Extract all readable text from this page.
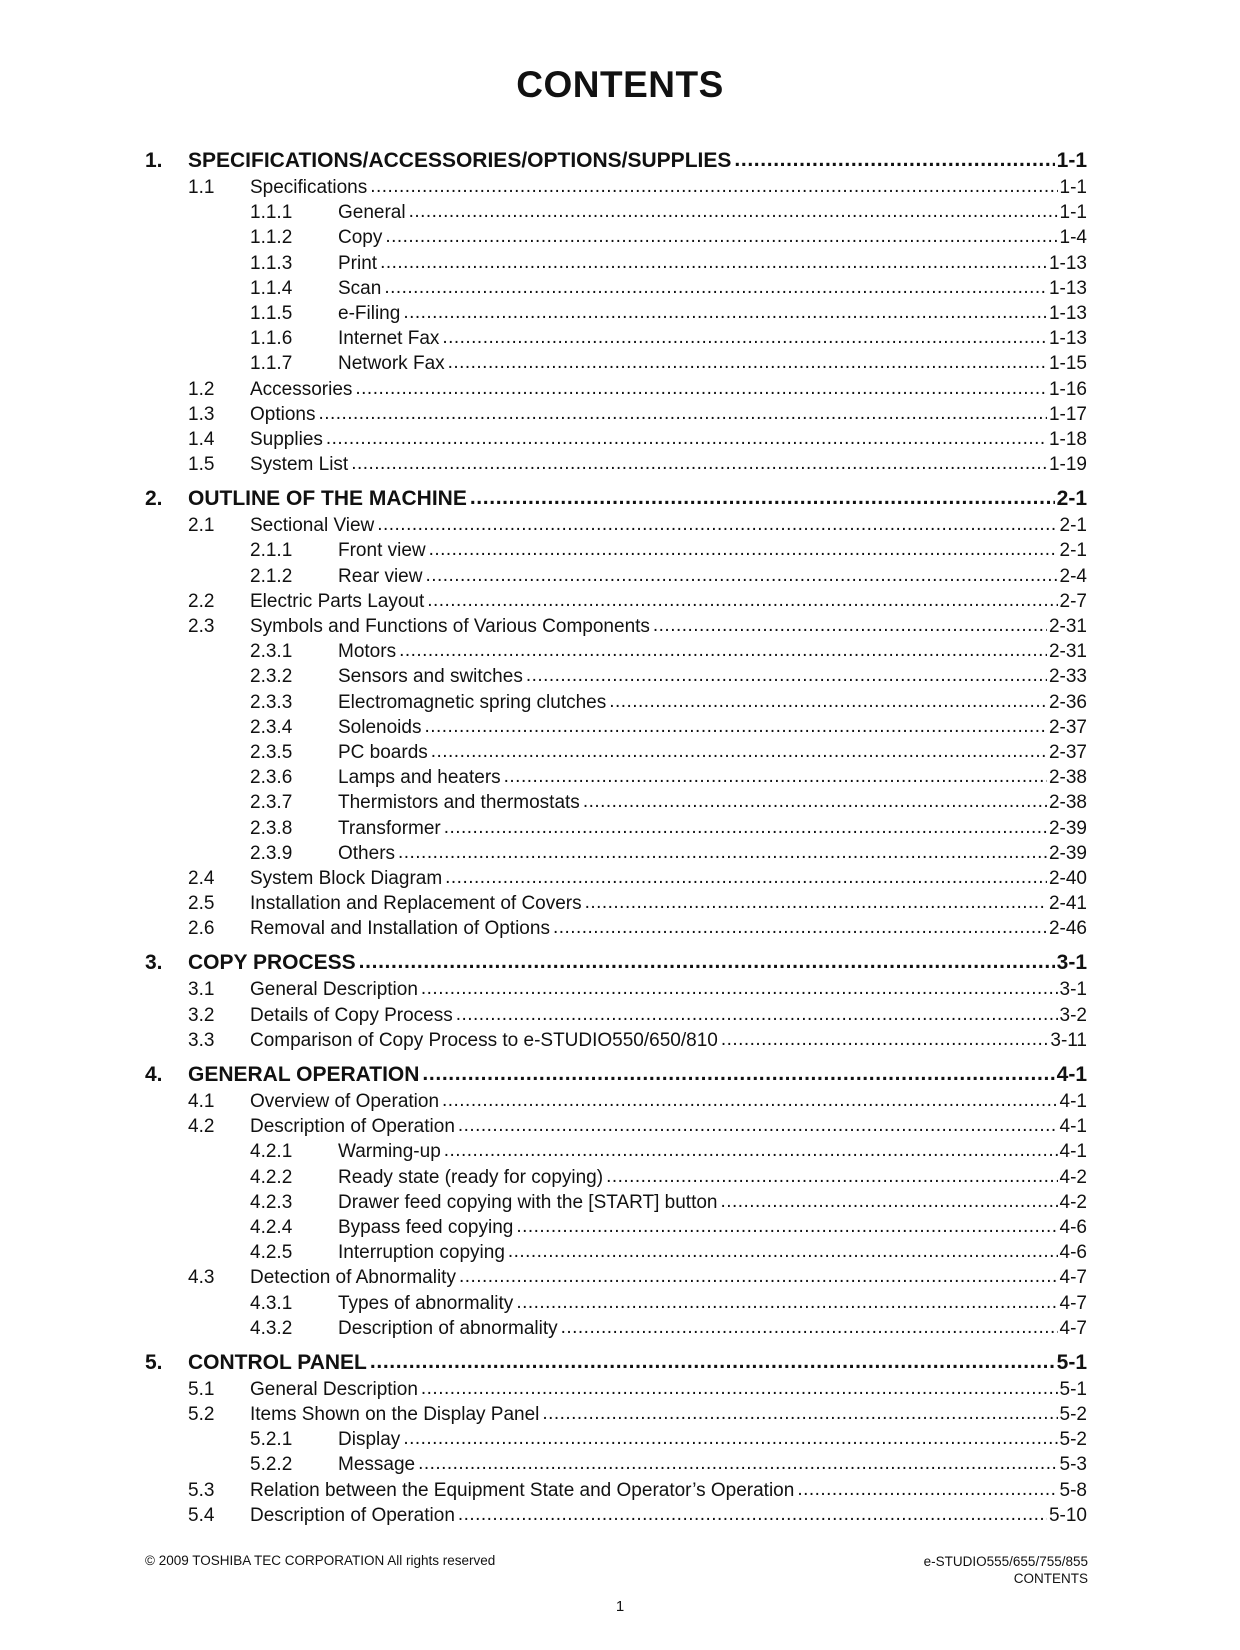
CONTENTS
1.	SPECIFICATIONS/ACCESSORIES/OPTIONS/SUPPLIES . . .	1-1
1.1	Specifications . . .	1-1
1.1.1	General . . .	1-1
1.1.2	Copy . . .	1-4
1.1.3	Print . . .	1-13
1.1.4	Scan . . .	1-13
1.1.5	e-Filing . . .	1-13
1.1.6	Internet Fax . . .	1-13
1.1.7	Network Fax . . .	1-15
1.2	Accessories . . .	1-16
1.3	Options . . .	1-17
1.4	Supplies . . .	1-18
1.5	System List . . .	1-19
2.	OUTLINE OF THE MACHINE . . .	2-1
2.1	Sectional View . . .	2-1
2.1.1	Front view . . .	2-1
2.1.2	Rear view . . .	2-4
2.2	Electric Parts Layout . . .	2-7
2.3	Symbols and Functions of Various Components . . .	2-31
2.3.1	Motors . . .	2-31
2.3.2	Sensors and switches . . .	2-33
2.3.3	Electromagnetic spring clutches . . .	2-36
2.3.4	Solenoids . . .	2-37
2.3.5	PC boards . . .	2-37
2.3.6	Lamps and heaters . . .	2-38
2.3.7	Thermistors and thermostats . . .	2-38
2.3.8	Transformer . . .	2-39
2.3.9	Others . . .	2-39
2.4	System Block Diagram . . .	2-40
2.5	Installation and Replacement of Covers . . .	2-41
2.6	Removal and Installation of Options . . .	2-46
3.	COPY PROCESS . . .	3-1
3.1	General Description . . .	3-1
3.2	Details of Copy Process . . .	3-2
3.3	Comparison of Copy Process to e-STUDIO550/650/810 . . .	3-11
4.	GENERAL OPERATION . . .	4-1
4.1	Overview of Operation . . .	4-1
4.2	Description of Operation . . .	4-1
4.2.1	Warming-up . . .	4-1
4.2.2	Ready state (ready for copying) . . .	4-2
4.2.3	Drawer feed copying with the [START] button . . .	4-2
4.2.4	Bypass feed copying . . .	4-6
4.2.5	Interruption copying . . .	4-6
4.3	Detection of Abnormality . . .	4-7
4.3.1	Types of abnormality . . .	4-7
4.3.2	Description of abnormality . . .	4-7
5.	CONTROL PANEL . . .	5-1
5.1	General Description . . .	5-1
5.2	Items Shown on the Display Panel . . .	5-2
5.2.1	Display . . .	5-2
5.2.2	Message . . .	5-3
5.3	Relation between the Equipment State and Operator’s Operation . . .	5-8
5.4	Description of Operation . . .	5-10
© 2009 TOSHIBA TEC CORPORATION All rights reserved	e-STUDIO555/655/755/855
CONTENTS
1
